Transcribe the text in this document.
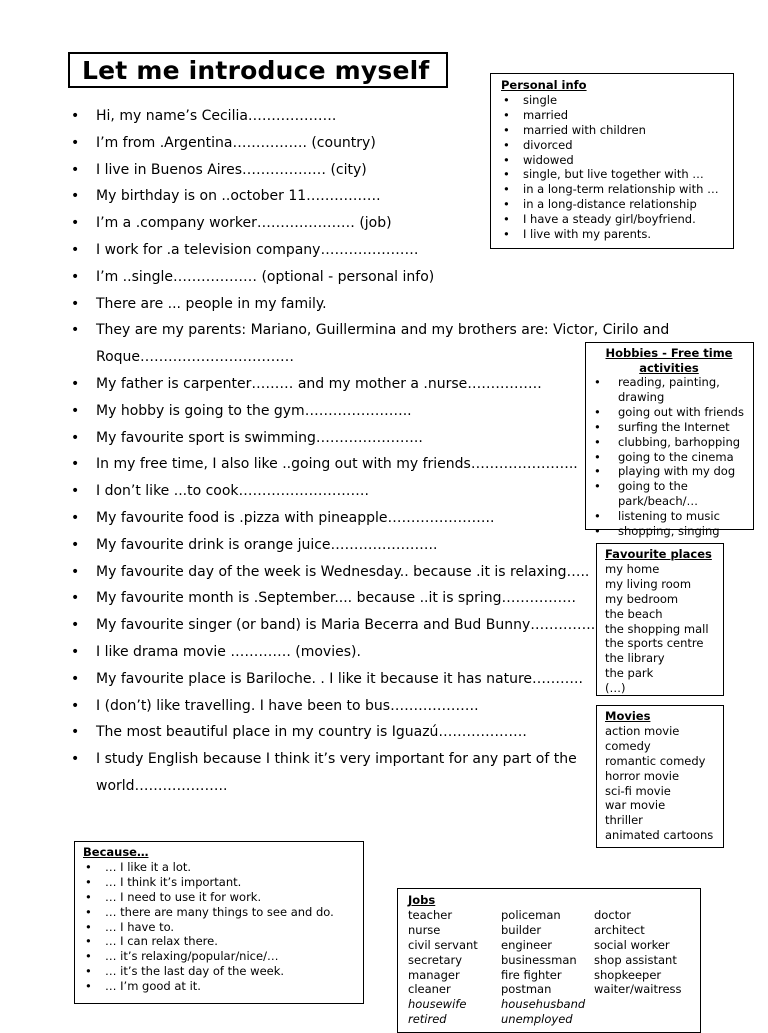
Let me introduce myself
• Hi, my name’s Cecilia……………….
• I’m from .Argentina……………. (country)
• I live in Buenos Aires……………… (city)
• My birthday is on ..october 11…………….
• I’m a .company worker………………… (job)
• I work for .a television company…………………
• I’m ..single……………… (optional - personal info)
• There are ... people in my family.
• They are my parents: Mariano, Guillermina and my brothers are: Victor, Cirilo and
Roque……………………………
• My father is carpenter……… and my mother a .nurse…………….
• My hobby is going to the gym…………………..
• My favourite sport is swimming…………………..
• In my free time, I also like ..going out with my friends…………………..
• I don’t like ...to cook……………………….
• My favourite food is .pizza with pineapple…………………..
• My favourite drink is orange juice…………………..
• My favourite day of the week is Wednesday.. because .it is relaxing…..
• My favourite month is .September.... because ..it is spring…………….
• My favourite singer (or band) is Maria Becerra and Bud Bunny…………..
• I like drama movie …………. (movies).
• My favourite place is Bariloche. . I like it because it has nature………..
• I (don’t) like travelling. I have been to bus……………….
• The most beautiful place in my country is Iguazú……………….
• I study English because I think it’s very important for any part of the
world………………..
Personal info
• single
• married
• married with children
• divorced
• widowed
• single, but live together with …
• in a long-term relationship with …
• in a long-distance relationship
• I have a steady girl/boyfriend.
• I live with my parents.
Hobbies - Free time activities
• reading, painting, drawing
• going out with friends
• surfing the Internet
• clubbing, barhopping
• going to the cinema
• playing with my dog
• going to the park/beach/…
• listening to music
• shopping, singing
Favourite places
my home
my living room
my bedroom
the beach
the shopping mall
the sports centre
the library
the park
(…)
Movies
action movie
comedy
romantic comedy
horror movie
sci-fi movie
war movie
thriller
animated cartoons
Because…
• … I like it a lot.
• … I think it’s important.
• … I need to use it for work.
• … there are many things to see and do.
• … I have to.
• … I can relax there.
• … it’s relaxing/popular/nice/…
• … it’s the last day of the week.
• … I’m good at it.
Jobs
teacher	policeman	doctor
nurse	builder	architect
civil servant	engineer	social worker
secretary	businessman	shop assistant
manager	fire fighter	shopkeeper
cleaner	postman	waiter/waitress
housewife	househusband
retired	unemployed
